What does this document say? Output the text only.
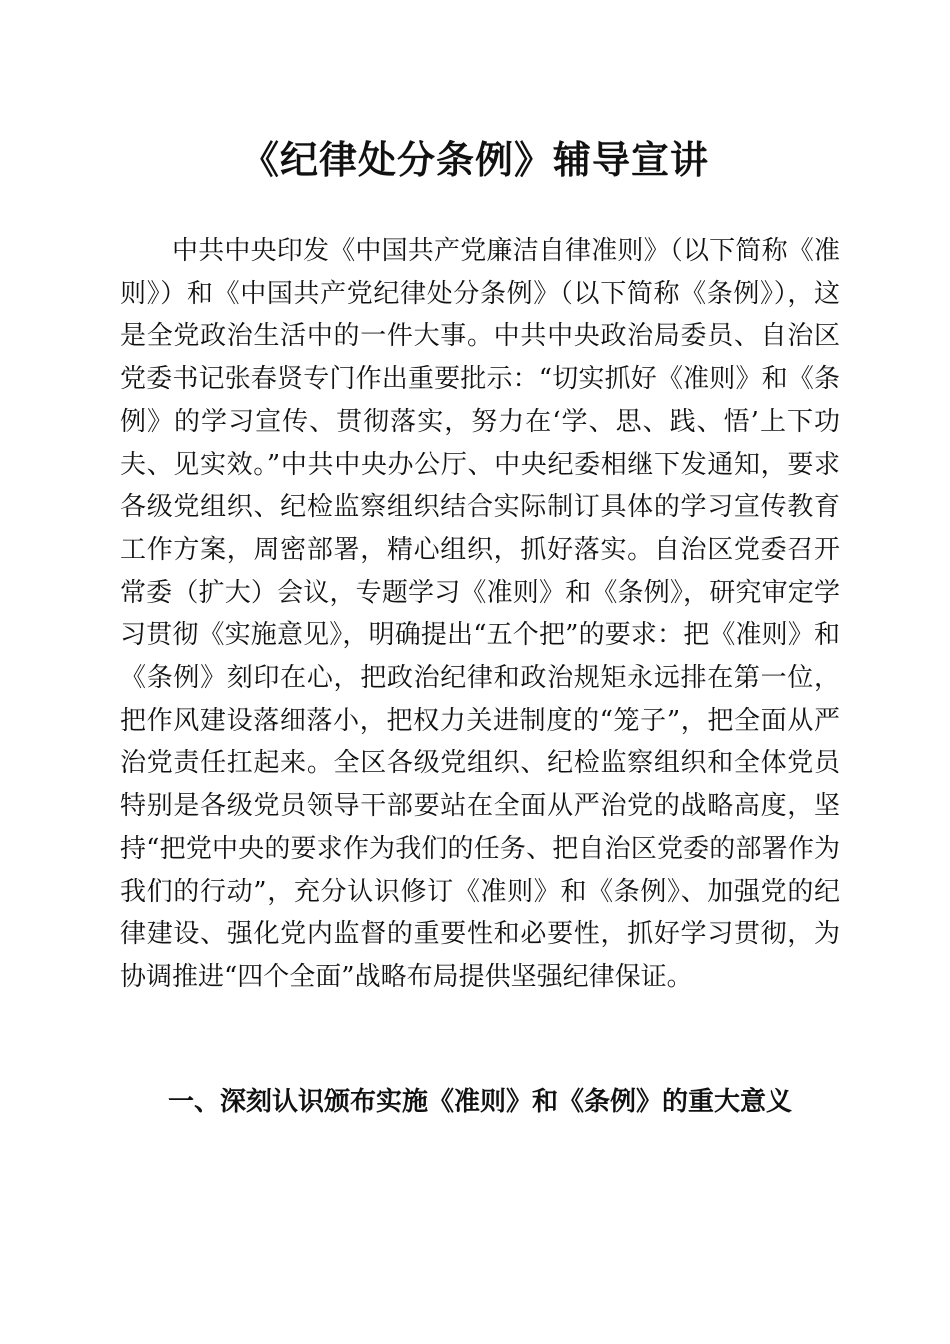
《纪律处分条例》辅导宣讲

中共中央印发《中国共产党廉洁自律准则》（以下简称《准则》）和《中国共产党纪律处分条例》（以下简称《条例》），这是全党政治生活中的一件大事。中共中央政治局委员、自治区党委书记张春贤专门作出重要批示：“切实抓好《准则》和《条例》的学习宣传、贯彻落实，努力在‘学、思、践、悟’上下功夫、见实效。”中共中央办公厅、中央纪委相继下发通知，要求各级党组织、纪检监察组织结合实际制订具体的学习宣传教育工作方案，周密部署，精心组织，抓好落实。自治区党委召开常委（扩大）会议，专题学习《准则》和《条例》，研究审定学习贯彻《实施意见》，明确提出“五个把”的要求：把《准则》和《条例》刻印在心，把政治纪律和政治规矩永远排在第一位，把作风建设落细落小，把权力关进制度的“笼子”，把全面从严治党责任扛起来。全区各级党组织、纪检监察组织和全体党员特别是各级党员领导干部要站在全面从严治党的战略高度，坚持“把党中央的要求作为我们的任务、把自治区党委的部署作为我们的行动”，充分认识修订《准则》和《条例》、加强党的纪律建设、强化党内监督的重要性和必要性，抓好学习贯彻，为协调推进“四个全面”战略布局提供坚强纪律保证。

一、深刻认识颁布实施《准则》和《条例》的重大意义
